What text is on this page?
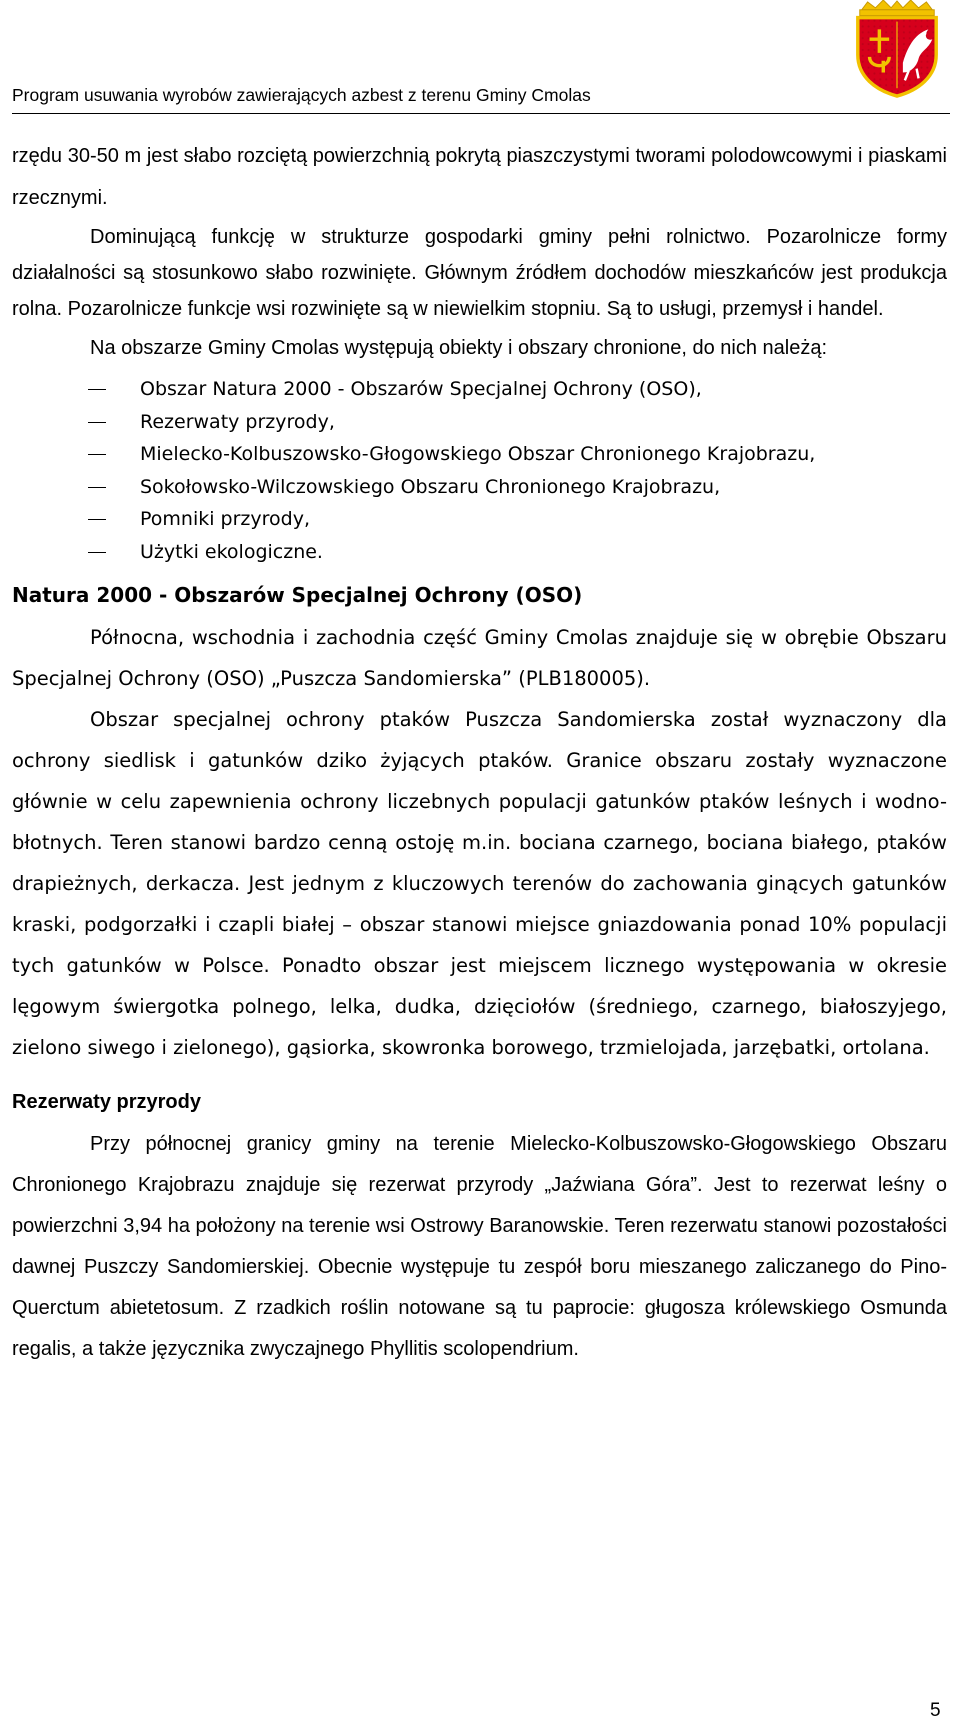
Program usuwania wyrobów zawierających azbest z terenu Gminy Cmolas

rzędu 30-50 m jest słabo rozciętą powierzchnią pokrytą piaszczystymi tworami polodowcowymi i piaskami rzecznymi.

Dominującą funkcję w strukturze gospodarki gminy pełni rolnictwo. Pozarolnicze formy działalności są stosunkowo słabo rozwinięte. Głównym źródłem dochodów mieszkańców jest produkcja rolna. Pozarolnicze funkcje wsi rozwinięte są w niewielkim stopniu. Są to usługi, przemysł i handel.

Na obszarze Gminy Cmolas występują obiekty i obszary chronione, do nich należą:

Obszar Natura 2000 - Obszarów Specjalnej Ochrony (OSO),
Rezerwaty przyrody,
Mielecko-Kolbuszowsko-Głogowskiego Obszar Chronionego Krajobrazu,
Sokołowsko-Wilczowskiego Obszaru Chronionego Krajobrazu,
Pomniki przyrody,
Użytki ekologiczne.
Natura 2000 - Obszarów Specjalnej Ochrony (OSO)

Północna, wschodnia i zachodnia część Gminy Cmolas znajduje się w obrębie Obszaru Specjalnej Ochrony (OSO) „Puszcza Sandomierska” (PLB180005).

Obszar specjalnej ochrony ptaków Puszcza Sandomierska został wyznaczony dla ochrony siedlisk i gatunków dziko żyjących ptaków. Granice obszaru zostały wyznaczone głównie w celu zapewnienia ochrony liczebnych populacji gatunków ptaków leśnych i wodno-błotnych. Teren stanowi bardzo cenną ostoję m.in. bociana czarnego, bociana białego, ptaków drapieżnych, derkacza. Jest jednym z kluczowych terenów do zachowania ginących gatunków kraski, podgorzałki i czapli białej – obszar stanowi miejsce gniazdowania ponad 10% populacji tych gatunków w Polsce. Ponadto obszar jest miejscem licznego występowania w okresie lęgowym świergotka polnego, lelka, dudka, dzięciołów (średniego, czarnego, białoszyjego, zielono siwego i zielonego), gąsiorka, skowronka borowego, trzmielojada, jarzębatki, ortolana.

Rezerwaty przyrody

Przy północnej granicy gminy na terenie Mielecko-Kolbuszowsko-Głogowskiego Obszaru Chronionego Krajobrazu znajduje się rezerwat przyrody „Jaźwiana Góra”. Jest to rezerwat leśny o powierzchni 3,94 ha położony na terenie wsi Ostrowy Baranowskie. Teren rezerwatu stanowi pozostałości dawnej Puszczy Sandomierskiej. Obecnie występuje tu zespół boru mieszanego zaliczanego do Pino-Querctum abietetosum. Z rzadkich roślin notowane są tu paprocie: gługosza królewskiego Osmunda regalis, a także języcznika zwyczajnego Phyllitis scolopendrium.

5
